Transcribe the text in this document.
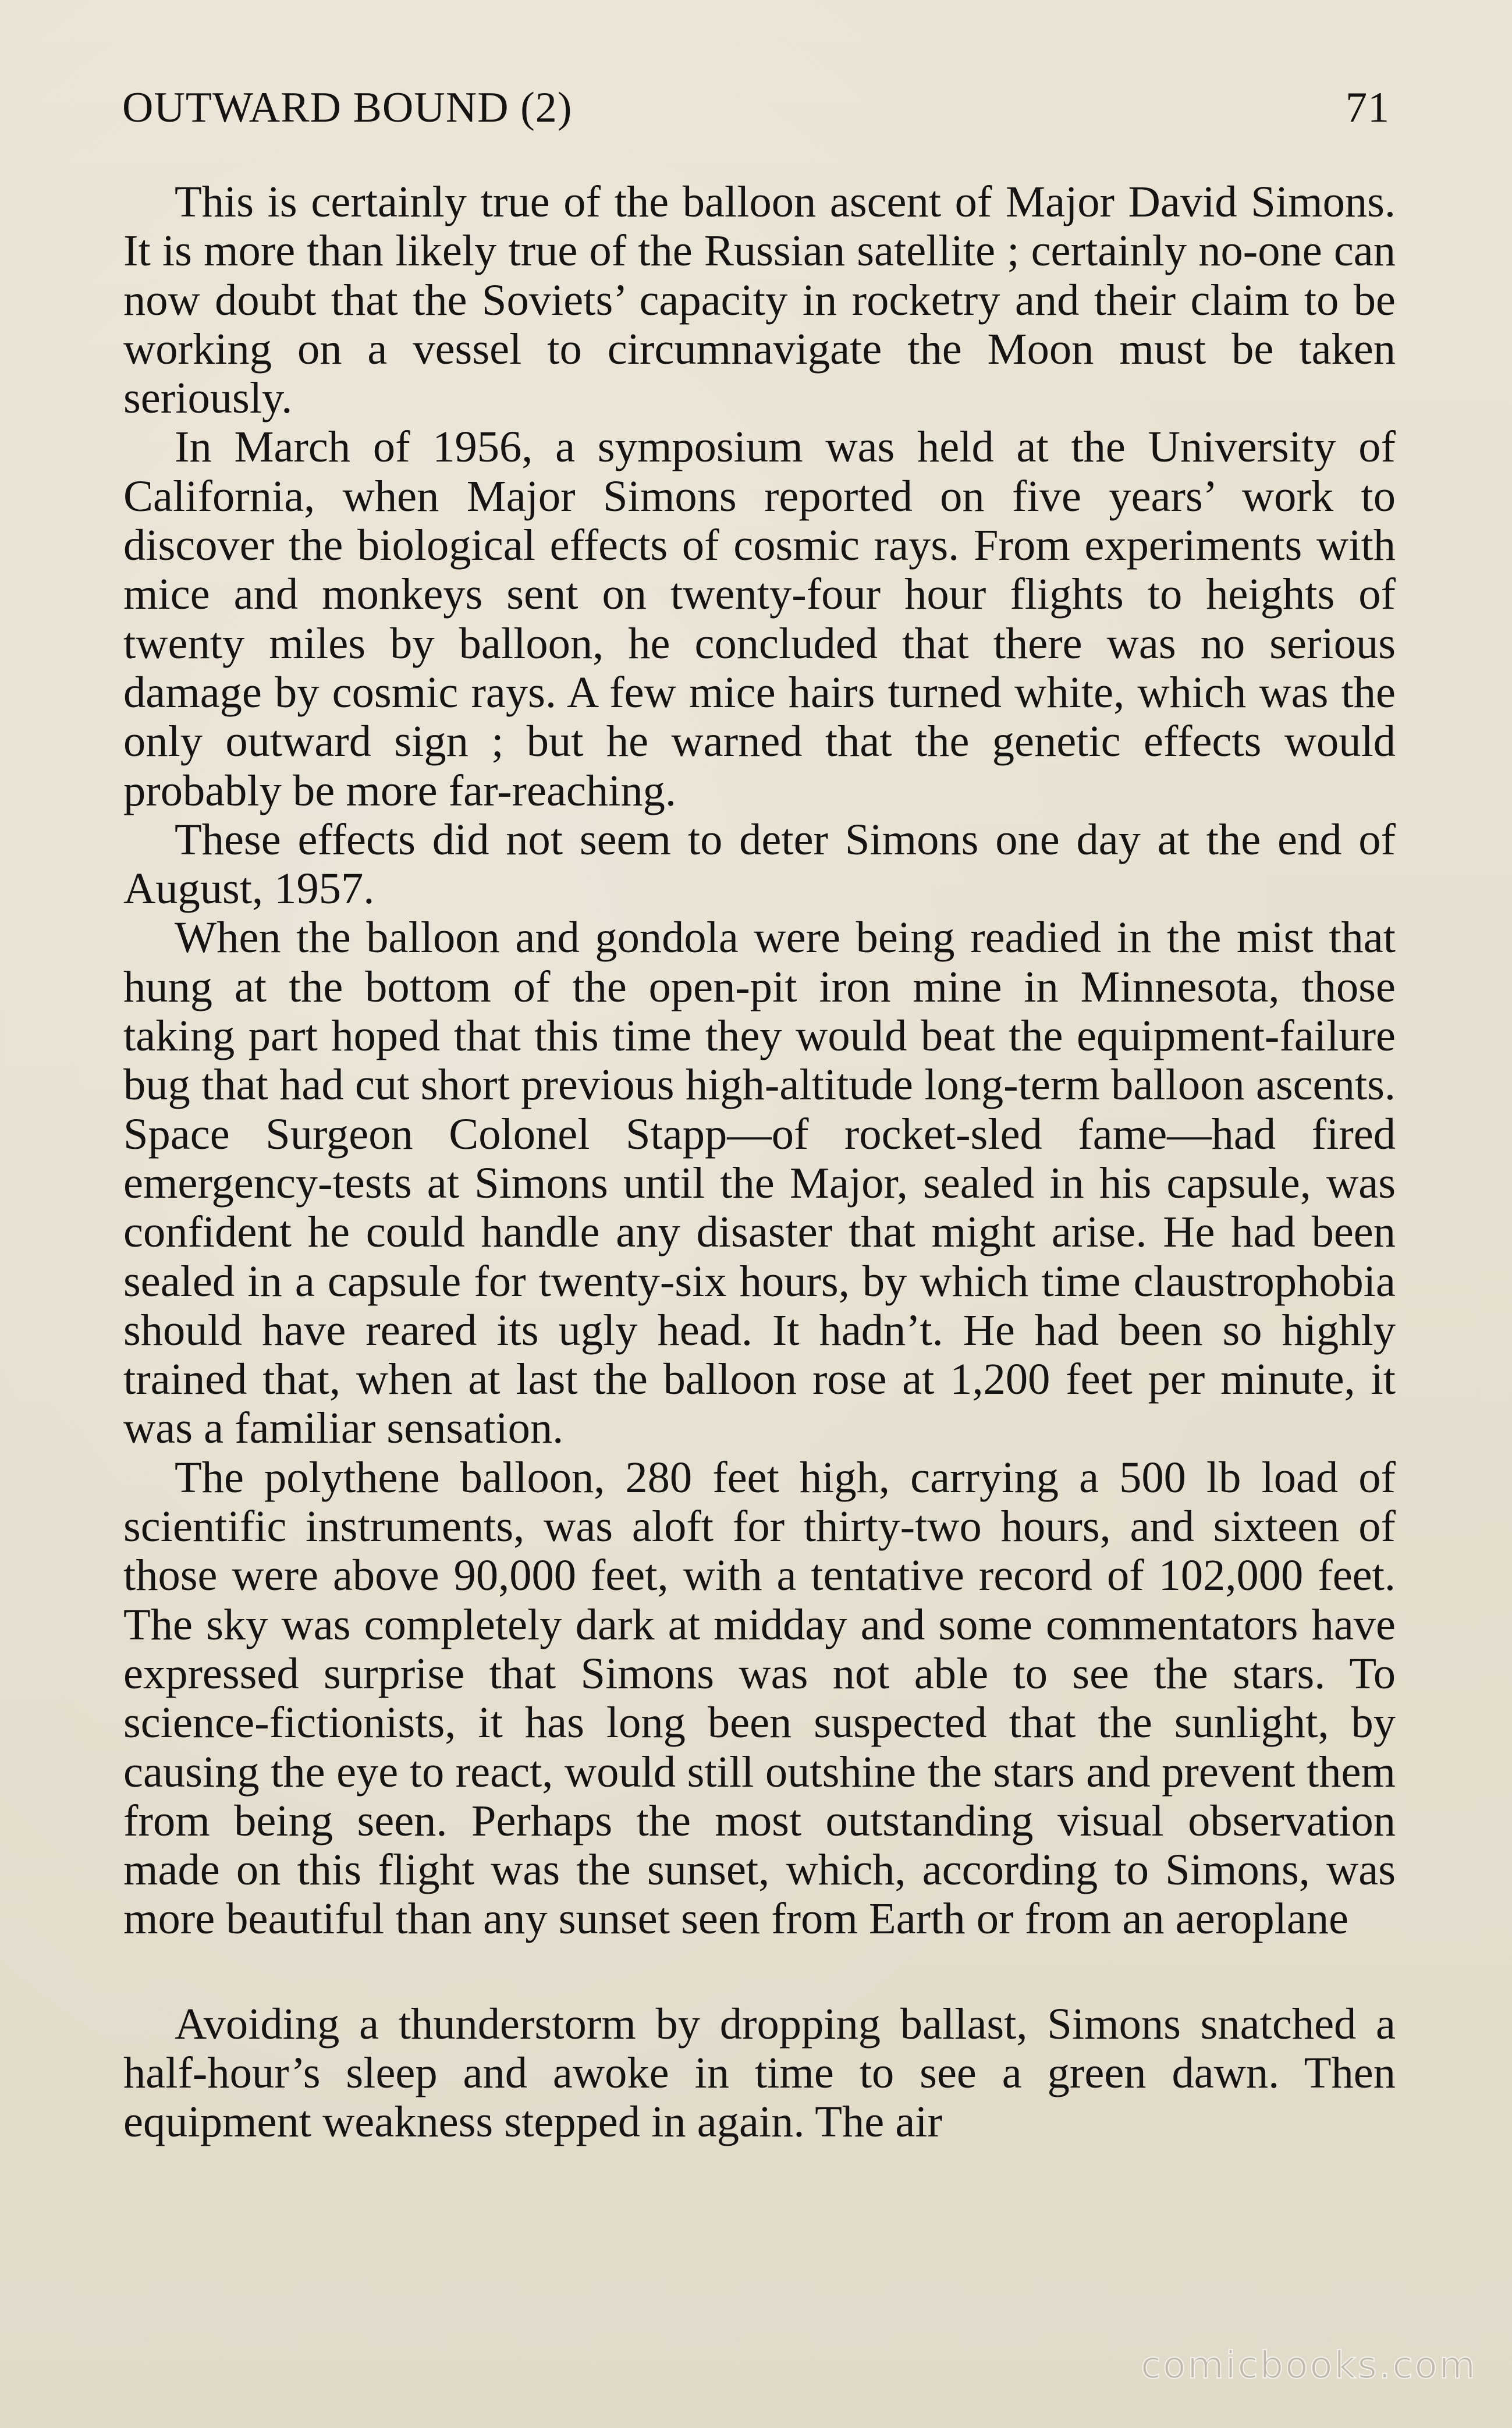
OUTWARD BOUND (2)	71

This is certainly true of the balloon ascent of Major David Simons. It is more than likely true of the Russian satellite ; certainly no-one can now doubt that the Soviets’ capacity in rocketry and their claim to be working on a vessel to circumnavigate the Moon must be taken seriously.

In March of 1956, a symposium was held at the University of California, when Major Simons reported on five years’ work to discover the biological effects of cosmic rays. From experiments with mice and monkeys sent on twenty-four hour flights to heights of twenty miles by balloon, he concluded that there was no serious damage by cosmic rays. A few mice hairs turned white, which was the only outward sign ; but he warned that the genetic effects would probably be more far-reaching.

These effects did not seem to deter Simons one day at the end of August, 1957.

When the balloon and gondola were being readied in the mist that hung at the bottom of the open-pit iron mine in Minnesota, those taking part hoped that this time they would beat the equipment-failure bug that had cut short previous high-altitude long-term balloon ascents. Space Surgeon Colonel Stapp—of rocket-sled fame—had fired emergency-tests at Simons until the Major, sealed in his capsule, was confident he could handle any disaster that might arise. He had been sealed in a capsule for twenty-six hours, by which time claustrophobia should have reared its ugly head. It hadn’t. He had been so highly trained that, when at last the balloon rose at 1,200 feet per minute, it was a familiar sensation.

The polythene balloon, 280 feet high, carrying a 500 lb load of scientific instruments, was aloft for thirty-two hours, and sixteen of those were above 90,000 feet, with a tentative record of 102,000 feet. The sky was completely dark at midday and some commentators have expressed surprise that Simons was not able to see the stars. To science-fictionists, it has long been suspected that the sunlight, by causing the eye to react, would still outshine the stars and prevent them from being seen. Perhaps the most outstanding visual observation made on this flight was the sunset, which, according to Simons, was more beautiful than any sunset seen from Earth or from an aeroplane

Avoiding a thunderstorm by dropping ballast, Simons snatched a half-hour’s sleep and awoke in time to see a green dawn. Then equipment weakness stepped in again. The air

comicbooks.com
